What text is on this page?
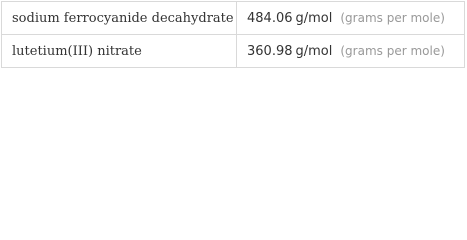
sodium ferrocyanide decahydrate 484.06 g/mol (grams per mole)
lutetium(III) nitrate	360.98 g/mol (grams per mole)
